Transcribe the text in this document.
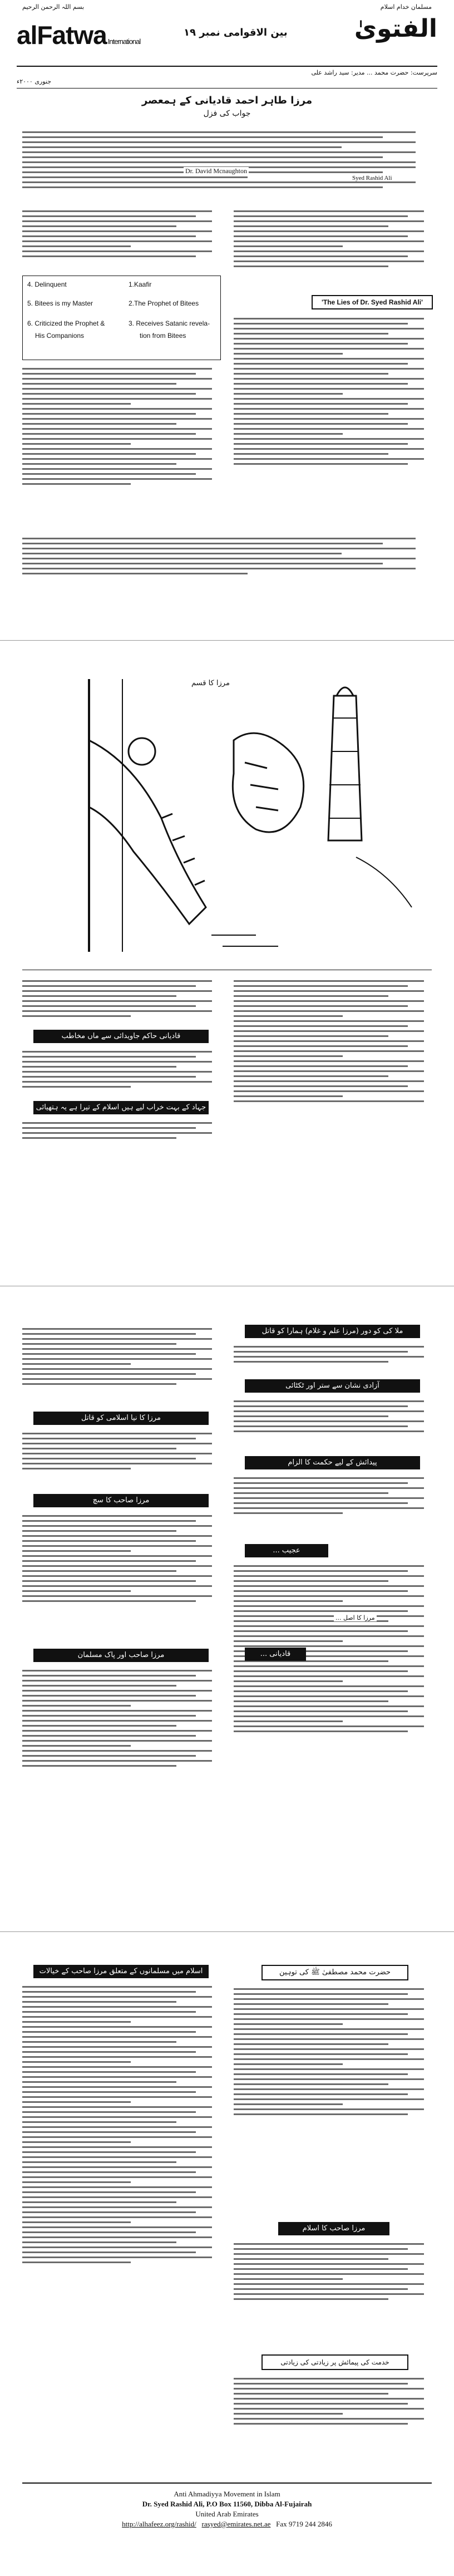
بسم اللہ الرحمن الرحیم	مسلمان خدام اسلام
alFatwa International	الفتویٰ
بین الاقوامی نمبر ۱۹
سرپرست: حضرت محمد ... مدیر: سید راشد علی
جنوری ۲۰۰۰ء
مرزا طاہر احمد قادیانی کے ہمعصر
جواب کی فزل
Dr. David Mcnaughton
4. Delinquent	1.Kaafir
5. Bitees is my Master	2.The Prophet of Bitees
6. Criticized the Prophet &	3. Receives Satanic revela-
His Companions	tion from Bitees
'The Lies of Dr. Syed Rashid Ali'
Syed Rashid Ali
مرزا کا قسم
قادیانی حاکم جاویدائی سے ماں مخاطب
جہاد کے بہت خراب لیے ہیں اسلام کے تیرا ہے یہ ہتھیائی
مرزا کا نیا اسلامی کو قاتل
مرزا صاحب کا سچ
مرزا صاحب اور پاک مسلمان
ملا کی کو دور (مرزا علم و غلام) ہمارا کو قاتل
آزادی نشان سے ستر اور ٹکٹائی
پیدائش کے لیے حکمت کا الزام
عجیب ...
قادیانی ...
مرزا کا اصل ...
اسلام میں مسلمانوں کے متعلق مرزا صاحب کے خیالات	حضرت محمد مصطفیٰ ﷺ کی توہین
مرزا صاحب کا اسلام
خدمت کی پیمائش پر زیادتی کی زیادتی
Anti Ahmadiyya Movement in Islam
Dr. Syed Rashid Ali, P.O Box 11560, Dibba Al-Fujairah
United Arab Emirates
http://alhafeez.org/rashid/ rasyed@emirates.net.ae Fax 9719 244 2846
